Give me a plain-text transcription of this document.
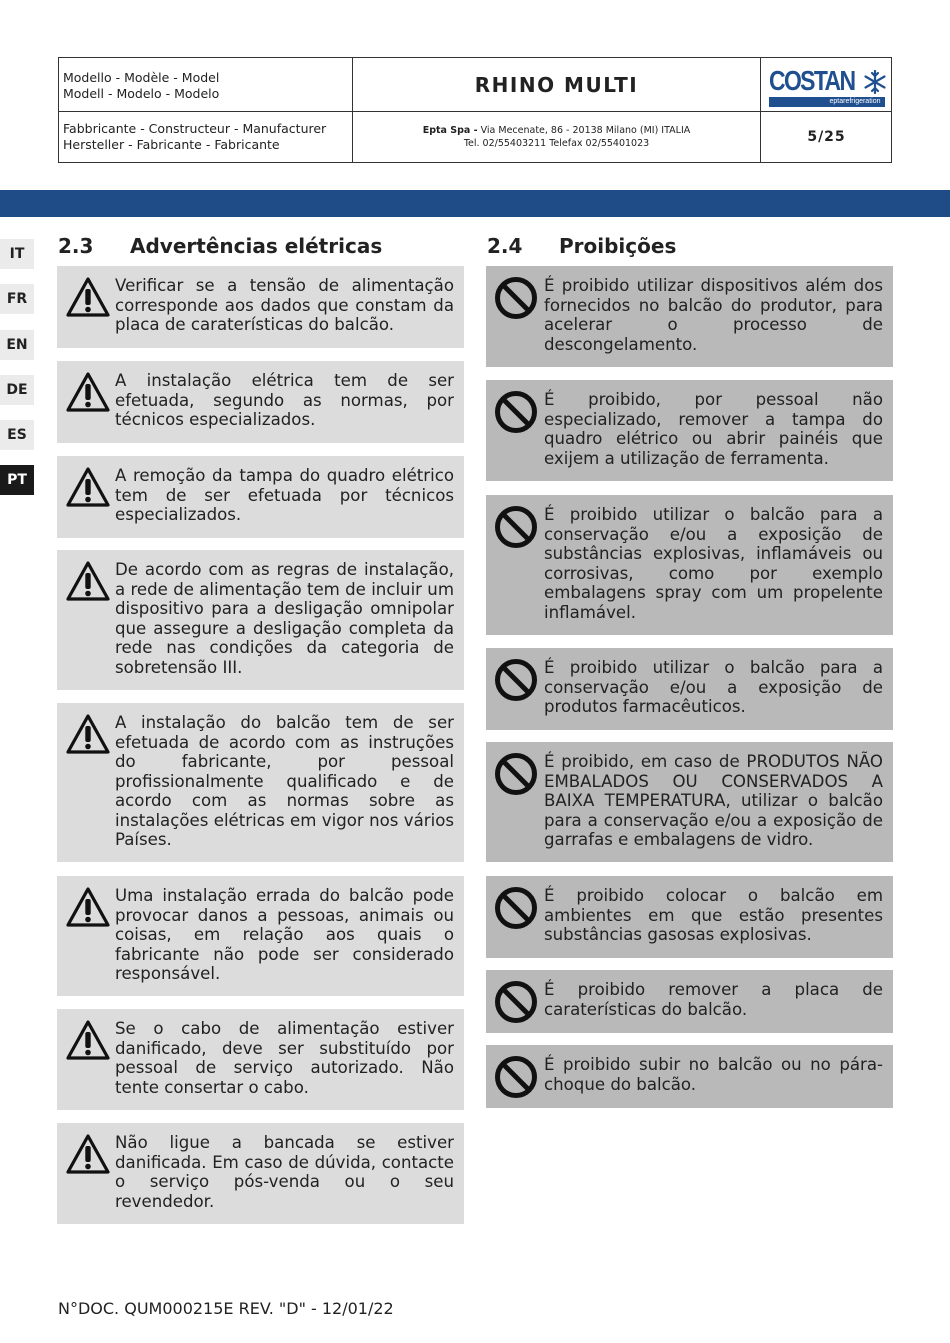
Modello - Modèle - Model
Modell - Modelo - Modelo	RHINO MULTI	COSTAN
eptarefrigeration
Fabbricante - Constructeur - Manufacturer
Hersteller - Fabricante - Fabricante
Epta Spa - Via Mecenate, 86 - 20138 Milano (MI) ITALIA
Tel. 02/55403211 Telefax 02/55401023	5/25
IT
FR
EN
DE
ES
PT
2.3 Advertências elétricas	2.4 Proibições

Verificar se a tensão de alimentação corresponde aos dados que constam da placa de caraterísticas do balcão.

A instalação elétrica tem de ser efetuada, segundo as normas, por técnicos especializados.

A remoção da tampa do quadro elétrico tem de ser efetuada por técnicos especializados.

De acordo com as regras de instalação, a rede de alimentação tem de incluir um dispositivo para a desligação omnipolar que assegure a desligação completa da rede nas condições da categoria de sobretensão III.

A instalação do balcão tem de ser efetuada de acordo com as instruções do fabricante, por pessoal profissionalmente qualificado e de acordo com as normas sobre as instalações elétricas em vigor nos vários Países.

Uma instalação errada do balcão pode provocar danos a pessoas, animais ou coisas, em relação aos quais o fabricante não pode ser considerado responsável.

Se o cabo de alimentação estiver danificado, deve ser substituído por pessoal de serviço autorizado. Não tente consertar o cabo.

Não ligue a bancada se estiver danificada. Em caso de dúvida, contacte o serviço pós-venda ou o seu revendedor.

É proibido utilizar dispositivos além dos fornecidos no balcão do produtor, para acelerar o processo de descongelamento.

É proibido, por pessoal não especializado, remover a tampa do quadro elétrico ou abrir painéis que exijem a utilização de ferramenta.

É proibido utilizar o balcão para a conservação e/ou a exposição de substâncias explosivas, inflamáveis ou corrosivas, como por exemplo embalagens spray com um propelente inflamável.

É proibido utilizar o balcão para a conservação e/ou a exposição de produtos farmacêuticos.

É proibido, em caso de PRODUTOS NÃO EMBALADOS OU CONSERVADOS A BAIXA TEMPERATURA, utilizar o balcão para a conservação e/ou a exposição de garrafas e embalagens de vidro.

É proibido colocar o balcão em ambientes em que estão presentes substâncias gasosas explosivas.

É proibido remover a placa de caraterísticas do balcão.

É proibido subir no balcão ou no pára-choque do balcão.

N°DOC. QUM000215E REV. "D" - 12/01/22
